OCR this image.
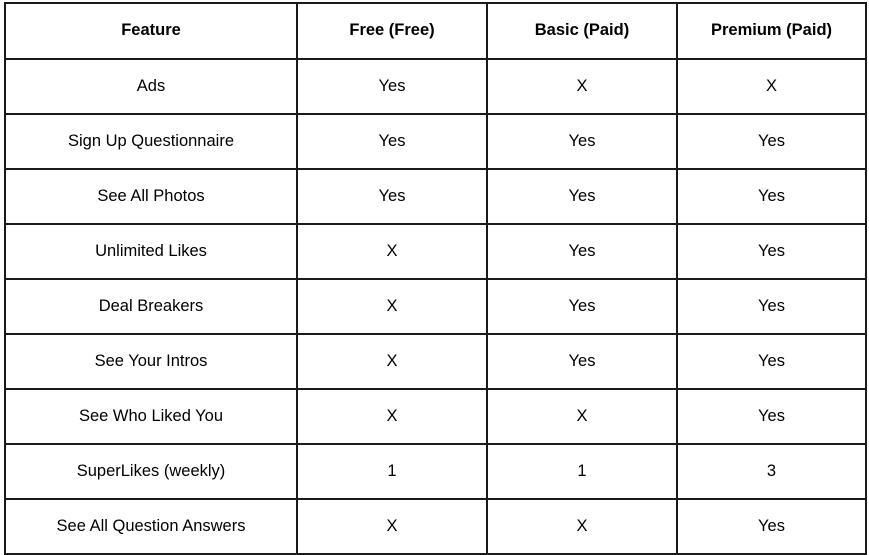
Feature	Free (Free)	Basic (Paid)	Premium (Paid)
Ads	Yes	X	X
Sign Up Questionnaire	Yes	Yes	Yes
See All Photos	Yes	Yes	Yes
Unlimited Likes	X	Yes	Yes
Deal Breakers	X	Yes	Yes
See Your Intros	X	Yes	Yes
See Who Liked You	X	X	Yes
SuperLikes (weekly)	1	1	3
See All Question Answers	X	X	Yes
